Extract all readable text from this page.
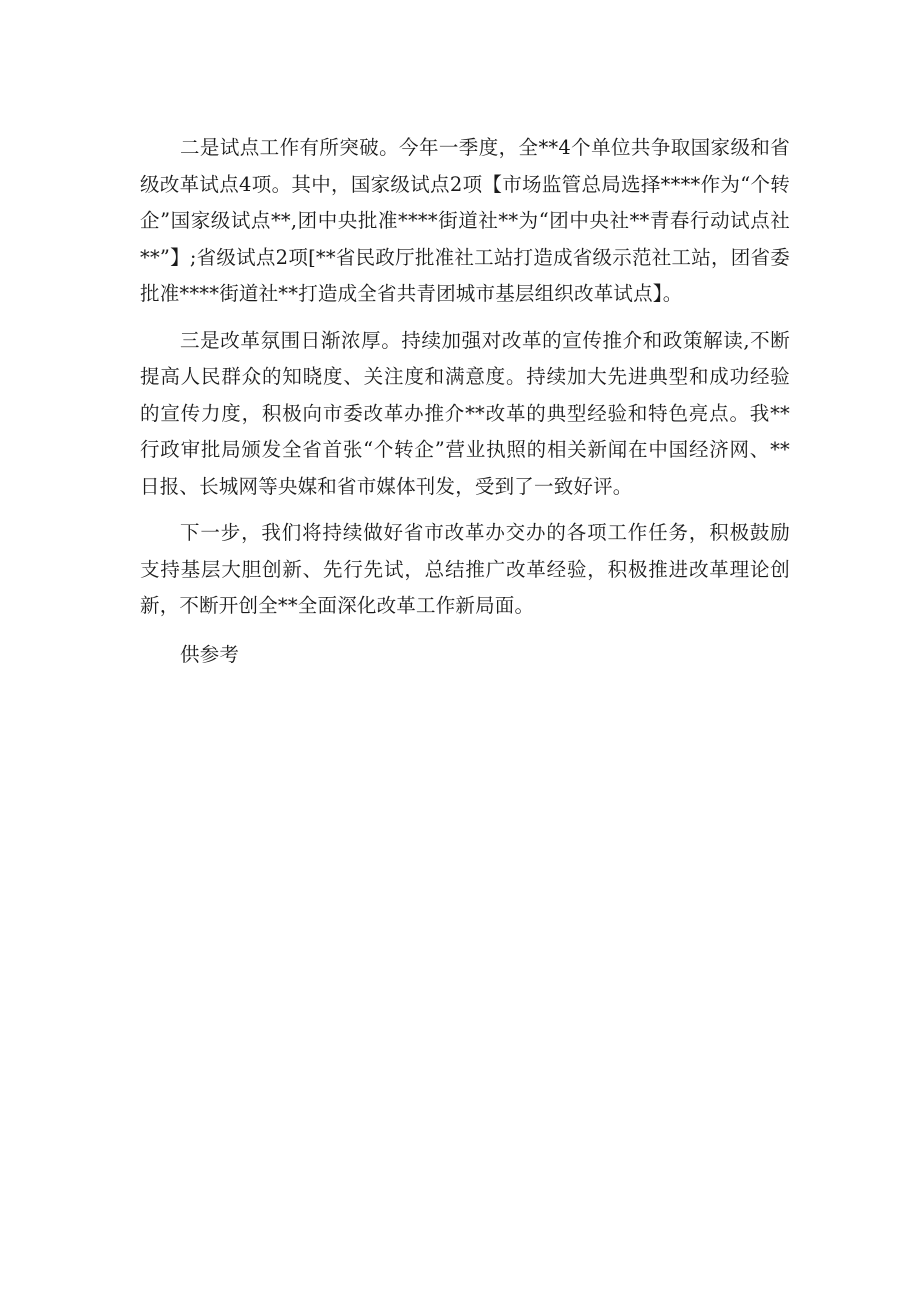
二是试点工作有所突破。今年一季度，全**4个单位共争取国家级和省级改革试点4项。其中，国家级试点2项【市场监管总局选择****作为“个转企”国家级试点**,团中央批准****街道社**为“团中央社**青春行动试点社**”】;省级试点2项[**省民政厅批准社工站打造成省级示范社工站，团省委批准****街道社**打造成全省共青团城市基层组织改革试点】。

三是改革氛围日渐浓厚。持续加强对改革的宣传推介和政策解读,不断提高人民群众的知晓度、关注度和满意度。持续加大先进典型和成功经验的宣传力度，积极向市委改革办推介**改革的典型经验和特色亮点。我**行政审批局颁发全省首张“个转企”营业执照的相关新闻在中国经济网、**日报、长城网等央媒和省市媒体刊发，受到了一致好评。

下一步，我们将持续做好省市改革办交办的各项工作任务，积极鼓励支持基层大胆创新、先行先试，总结推广改革经验，积极推进改革理论创新，不断开创全**全面深化改革工作新局面。

供参考
